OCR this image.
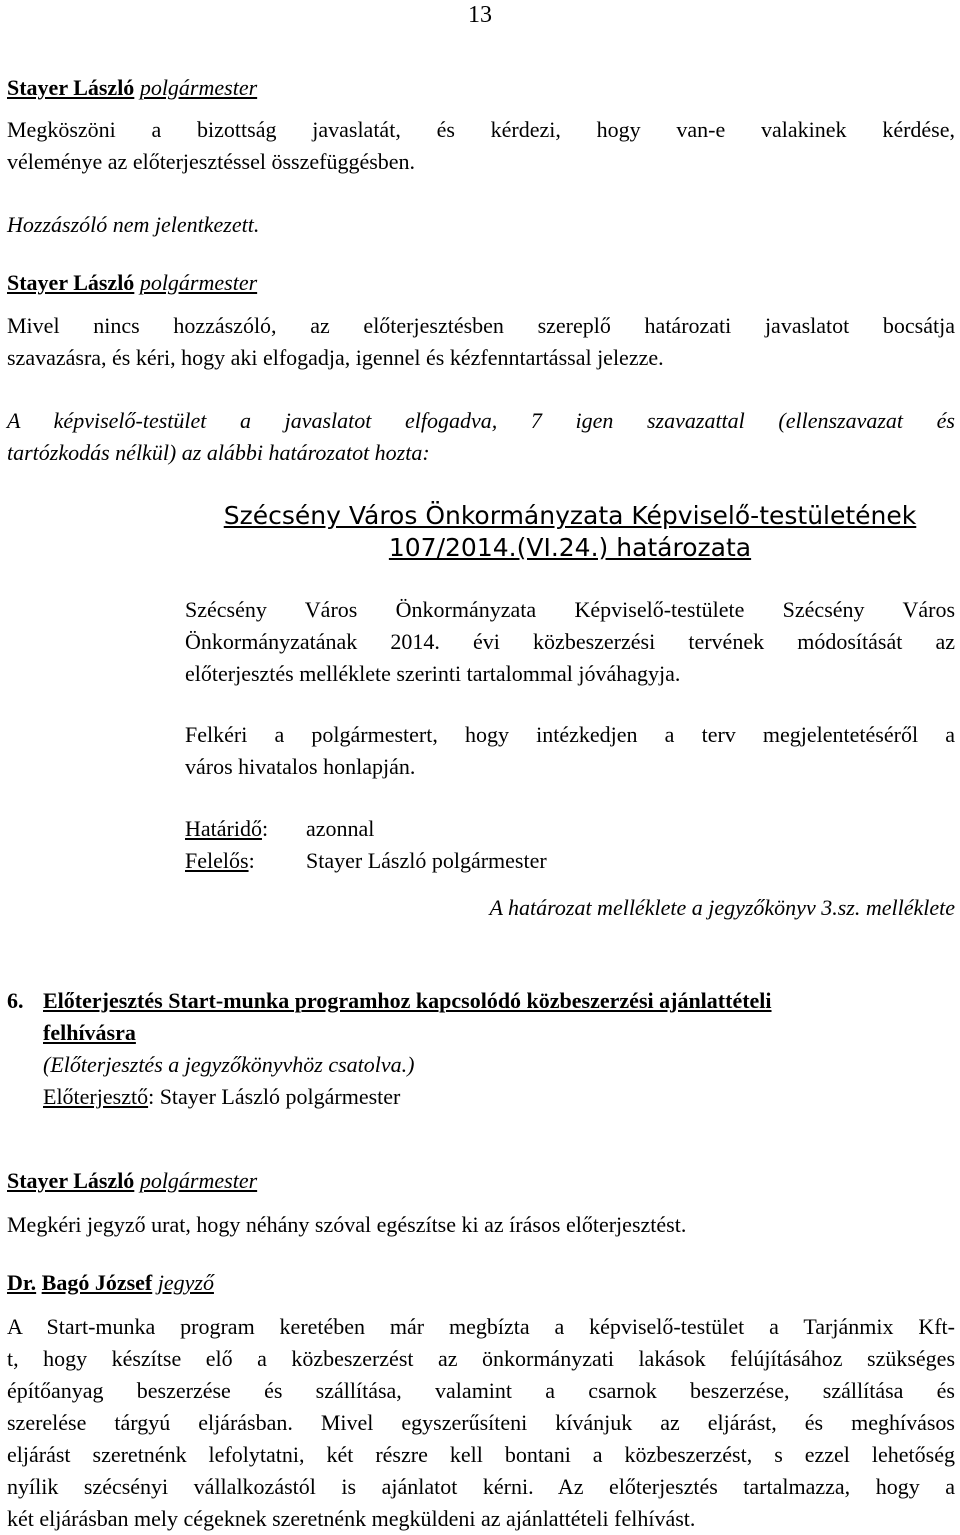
13
Stayer László polgármester
Megköszöni a bizottság javaslatát, és kérdezi, hogy van-e valakinek kérdése,
véleménye az előterjesztéssel összefüggésben.
Hozzászóló nem jelentkezett.
Stayer László polgármester
Mivel nincs hozzászóló, az előterjesztésben szereplő határozati javaslatot bocsátja
szavazásra, és kéri, hogy aki elfogadja, igennel és kézfenntartással jelezze.
A képviselő-testület a javaslatot elfogadva, 7 igen szavazattal (ellenszavazat és
tartózkodás nélkül) az alábbi határozatot hozta:
Szécsény Város Önkormányzata Képviselő-testületének
107/2014.(VI.24.) határozata
Szécsény Város Önkormányzata Képviselő-testülete Szécsény Város
Önkormányzatának 2014. évi közbeszerzési tervének módosítását az
előterjesztés melléklete szerinti tartalommal jóváhagyja.
Felkéri a polgármestert, hogy intézkedjen a terv megjelentetéséről a
város hivatalos honlapján.
Határidő: azonnal
Felelős: Stayer László polgármester
A határozat melléklete a jegyzőkönyv 3.sz. melléklete
6. Előterjesztés Start-munka programhoz kapcsolódó közbeszerzési ajánlattételi
felhívásra
(Előterjesztés a jegyzőkönyvhöz csatolva.)
Előterjesztő: Stayer László polgármester
Stayer László polgármester
Megkéri jegyző urat, hogy néhány szóval egészítse ki az írásos előterjesztést.
Dr. Bagó József jegyző
A Start-munka program keretében már megbízta a képviselő-testület a Tarjánmix Kft-
t, hogy készítse elő a közbeszerzést az önkormányzati lakások felújításához szükséges
építőanyag beszerzése és szállítása, valamint a csarnok beszerzése, szállítása és
szerelése tárgyú eljárásban. Mivel egyszerűsíteni kívánjuk az eljárást, és meghívásos
eljárást szeretnénk lefolytatni, két részre kell bontani a közbeszerzést, s ezzel lehetőség
nyílik szécsényi vállalkozástól is ajánlatot kérni. Az előterjesztés tartalmazza, hogy a
két eljárásban mely cégeknek szeretnénk megküldeni az ajánlattételi felhívást.
